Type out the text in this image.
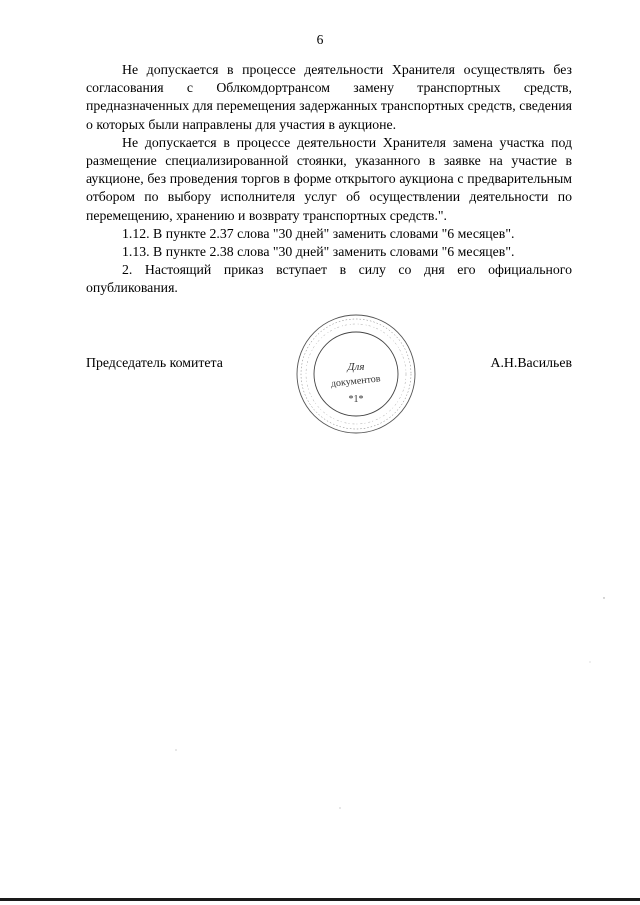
6

Не допускается в процессе деятельности Хранителя осуществлять без согласования с Облкомдортрансом замену транспортных средств, предназначенных для перемещения задержанных транспортных средств, сведения о которых были направлены для участия в аукционе.

Не допускается в процессе деятельности Хранителя замена участка под размещение специализированной стоянки, указанного в заявке на участие в аукционе, без проведения торгов в форме открытого аукциона с предварительным отбором по выбору исполнителя услуг об осуществлении деятельности по перемещению, хранению и возврату транспортных средств.".

1.12. В пункте 2.37 слова "30 дней" заменить словами "6 месяцев".

1.13. В пункте 2.38 слова "30 дней" заменить словами "6 месяцев".

2. Настоящий приказ вступает в силу со дня его официального опубликования.

Председатель комитета	А.Н.Васильев
Для
документов
*1*
